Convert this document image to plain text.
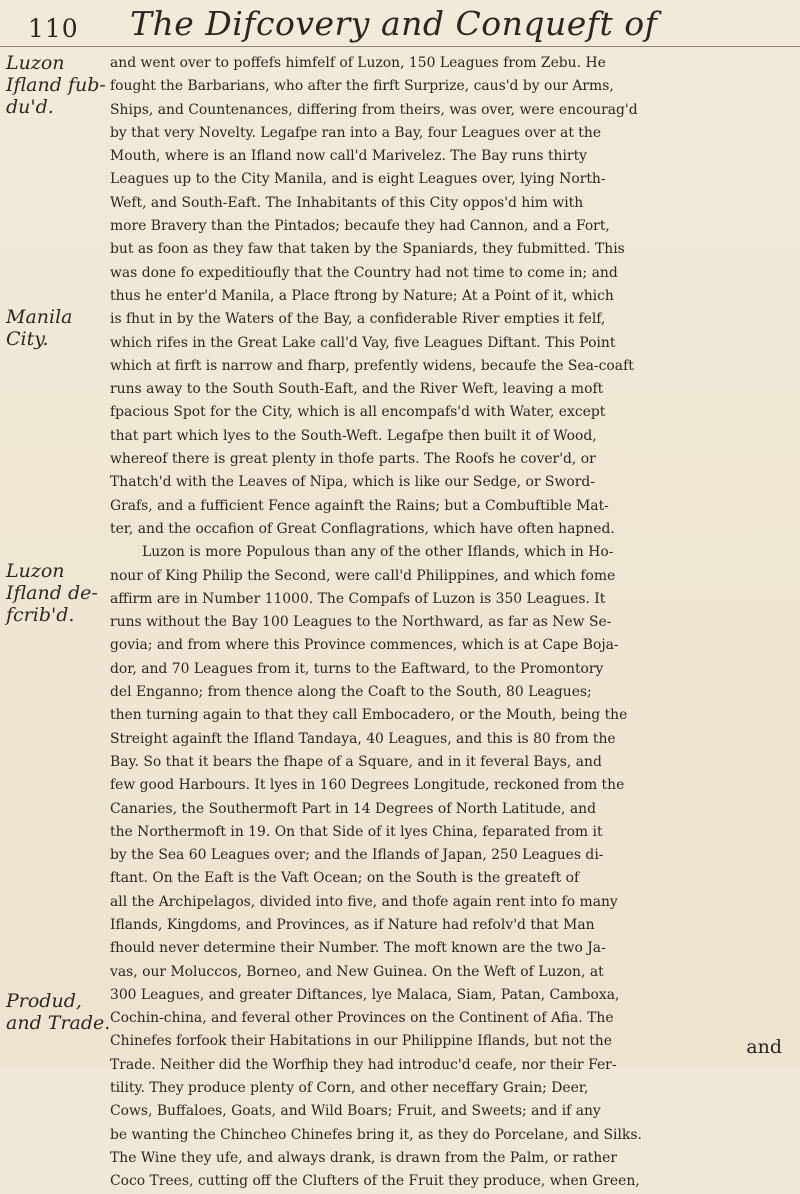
110 The Difcovery and Conqueft of
Luzon
Ifland fub-
du'd.
Manila
City.
Luzon
Ifland de-
fcrib'd.
Produd,
and Trade.
and went over to poffefs himfelf of Luzon, 150 Leagues from Zebu. He
fought the Barbarians, who after the firft Surprize, caus'd by our Arms,
Ships, and Countenances, differing from theirs, was over, were encourag'd
by that very Novelty. Legafpe ran into a Bay, four Leagues over at the
Mouth, where is an Ifland now call'd Marivelez. The Bay runs thirty
Leagues up to the City Manila, and is eight Leagues over, lying North-
Weft, and South-Eaft. The Inhabitants of this City oppos'd him with
more Bravery than the Pintados; becaufe they had Cannon, and a Fort,
but as foon as they faw that taken by the Spaniards, they fubmitted. This
was done fo expeditioufly that the Country had not time to come in; and
thus he enter'd Manila, a Place ftrong by Nature; At a Point of it, which
is fhut in by the Waters of the Bay, a confiderable River empties it felf,
which rifes in the Great Lake call'd Vay, five Leagues Diftant. This Point
which at firft is narrow and fharp, prefently widens, becaufe the Sea-coaft
runs away to the South South-Eaft, and the River Weft, leaving a moft
fpacious Spot for the City, which is all encompafs'd with Water, except
that part which lyes to the South-Weft. Legafpe then built it of Wood,
whereof there is great plenty in thofe parts. The Roofs he cover'd, or
Thatch'd with the Leaves of Nipa, which is like our Sedge, or Sword-
Grafs, and a fufficient Fence againft the Rains; but a Combuftible Mat-
ter, and the occafion of Great Conflagrations, which have often hapned.
Luzon is more Populous than any of the other Iflands, which in Ho-
nour of King Philip the Second, were call'd Philippines, and which fome
affirm are in Number 11000. The Compafs of Luzon is 350 Leagues. It
runs without the Bay 100 Leagues to the Northward, as far as New Se-
govia; and from where this Province commences, which is at Cape Boja-
dor, and 70 Leagues from it, turns to the Eaftward, to the Promontory
del Enganno; from thence along the Coaft to the South, 80 Leagues;
then turning again to that they call Embocadero, or the Mouth, being the
Streight againft the Ifland Tandaya, 40 Leagues, and this is 80 from the
Bay. So that it bears the fhape of a Square, and in it feveral Bays, and
few good Harbours. It lyes in 160 Degrees Longitude, reckoned from the
Canaries, the Southermoft Part in 14 Degrees of North Latitude, and
the Northermoft in 19. On that Side of it lyes China, feparated from it
by the Sea 60 Leagues over; and the Iflands of Japan, 250 Leagues di-
ftant. On the Eaft is the Vaft Ocean; on the South is the greateft of
all the Archipelagos, divided into five, and thofe again rent into fo many
Iflands, Kingdoms, and Provinces, as if Nature had refolv'd that Man
fhould never determine their Number. The moft known are the two Ja-
vas, our Moluccos, Borneo, and New Guinea. On the Weft of Luzon, at
300 Leagues, and greater Diftances, lye Malaca, Siam, Patan, Camboxa,
Cochin-china, and feveral other Provinces on the Continent of Afia. The
Chinefes forfook their Habitations in our Philippine Iflands, but not the
Trade. Neither did the Worfhip they had introduc'd ceafe, nor their Fer-
tility. They produce plenty of Corn, and other neceffary Grain; Deer,
Cows, Buffaloes, Goats, and Wild Boars; Fruit, and Sweets; and if any
be wanting the Chincheo Chinefes bring it, as they do Porcelane, and Silks.
The Wine they ufe, and always drank, is drawn from the Palm, or rather
Coco Trees, cutting off the Clufters of the Fruit they produce, when Green,
and
